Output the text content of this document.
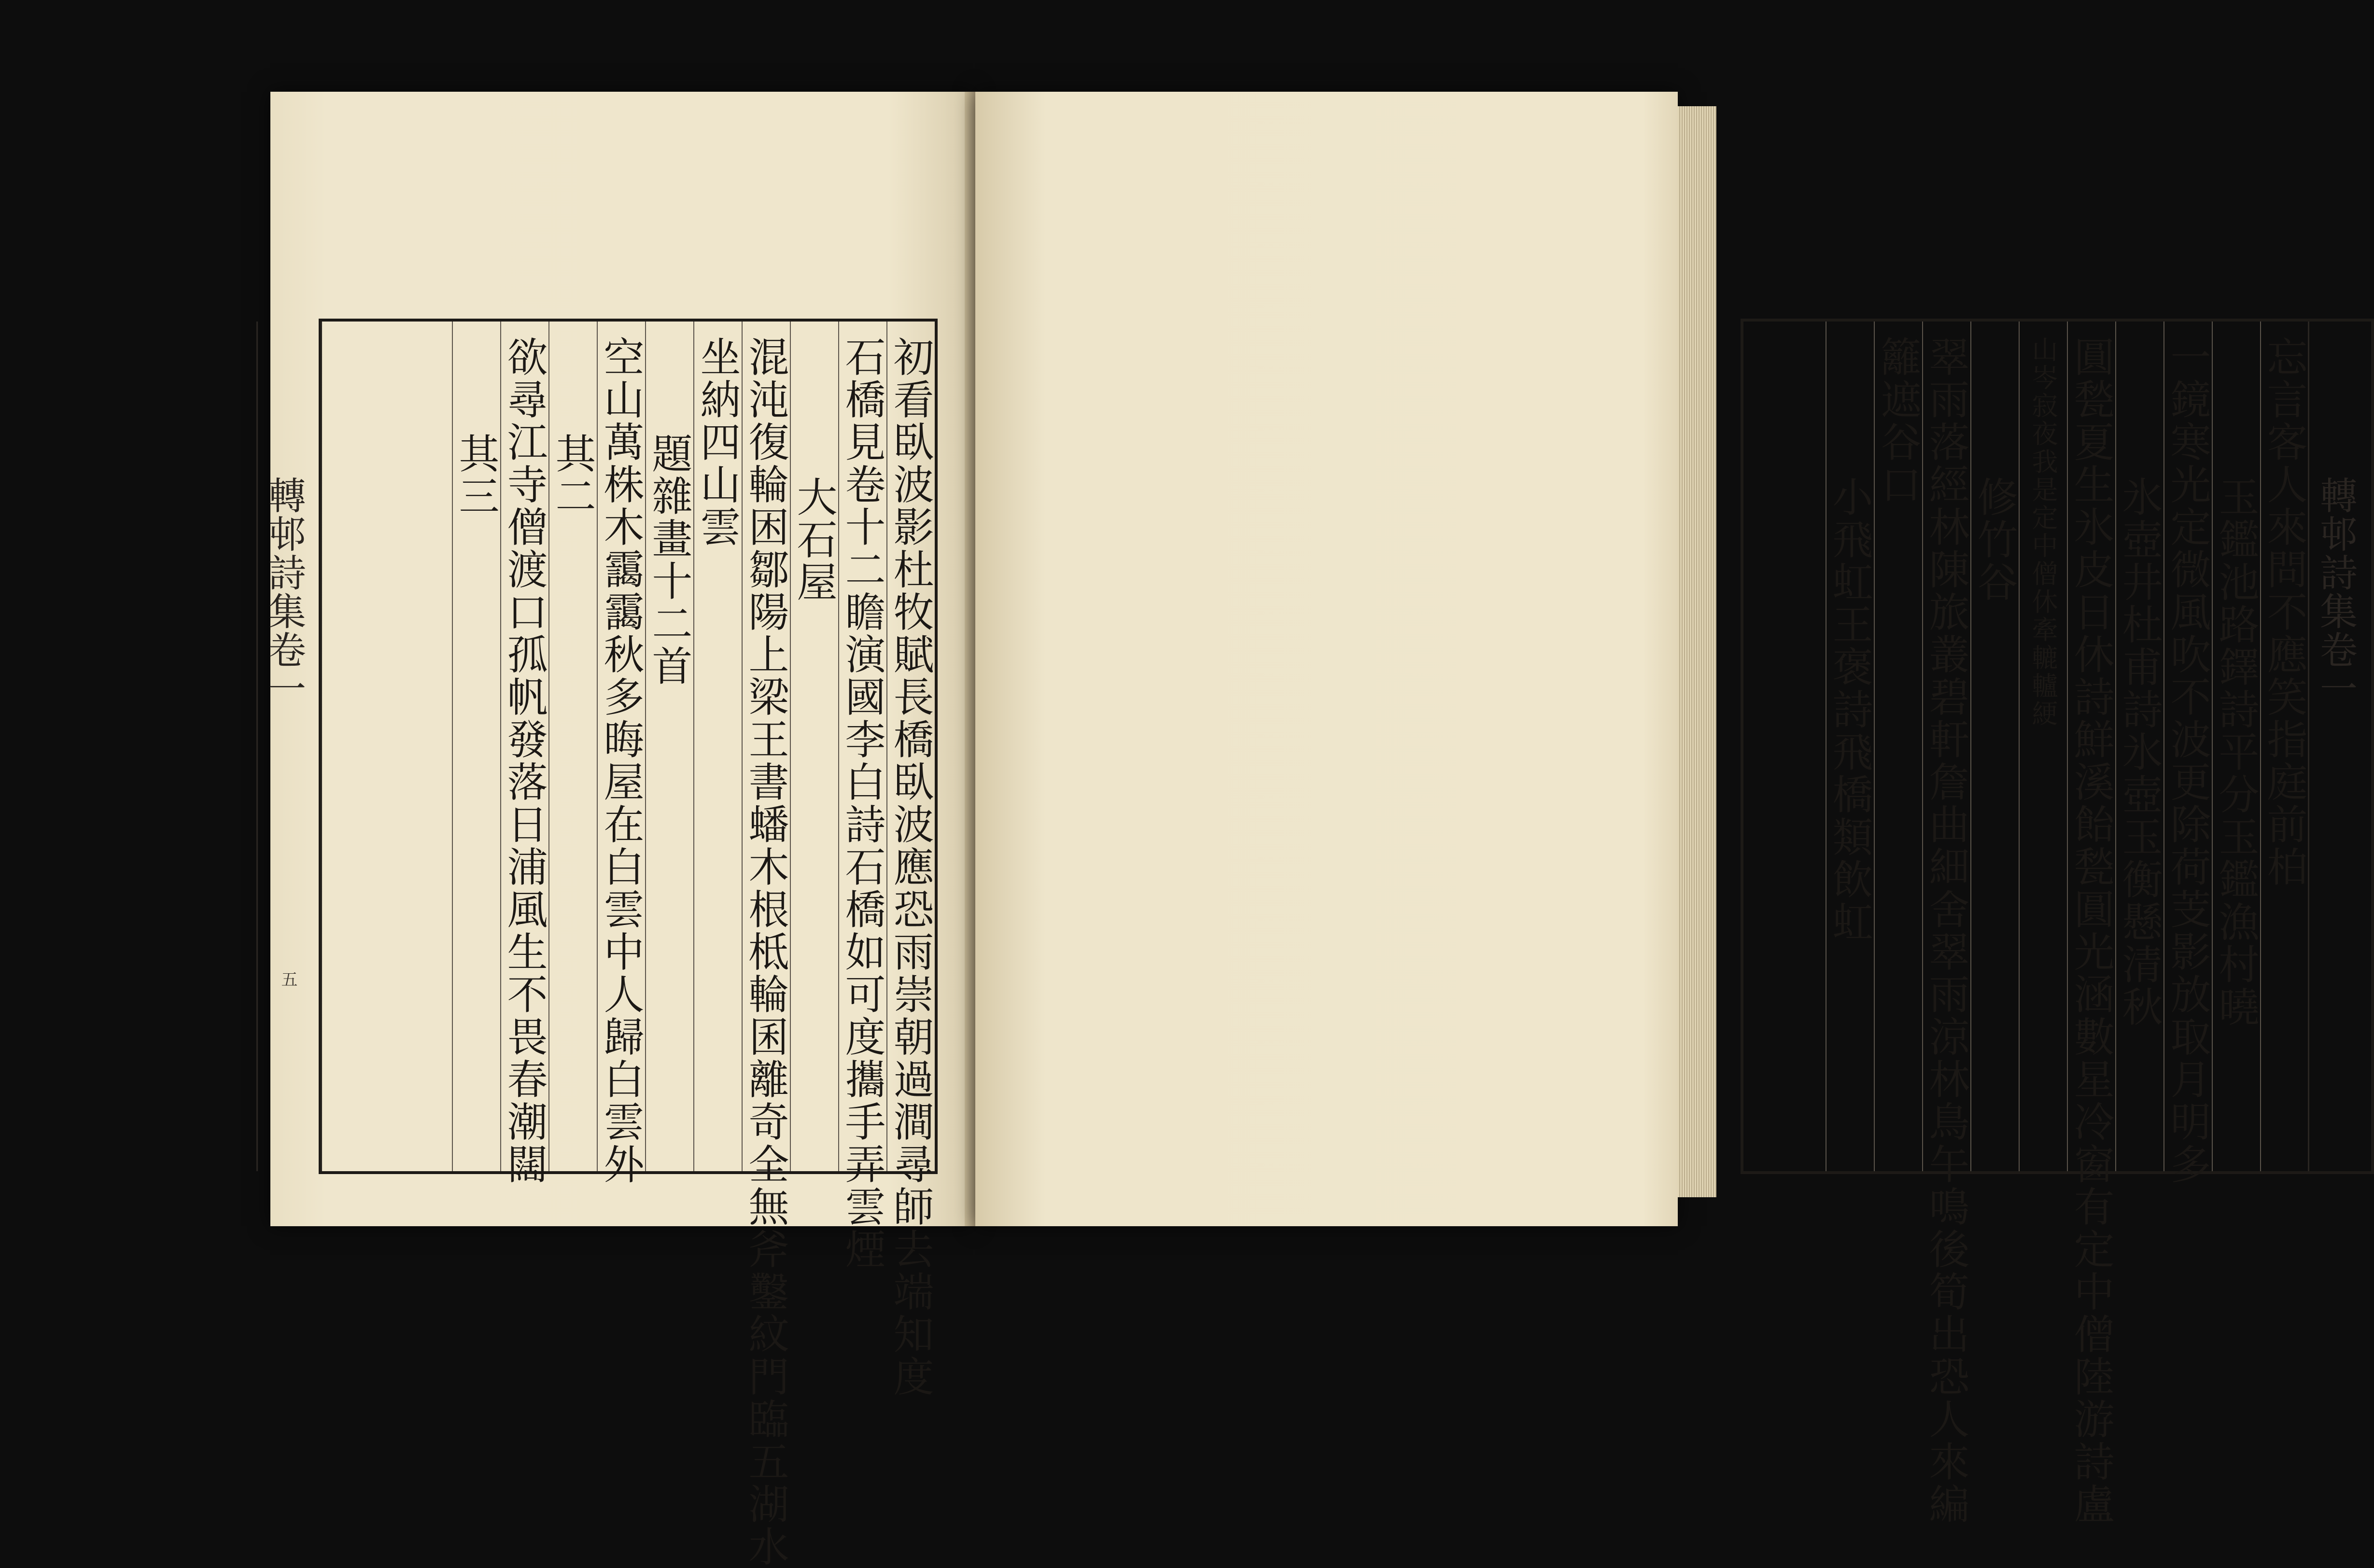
轉邨詩集卷一
五	初看臥波影杜牧賦長橋臥波應恐雨崇朝過澗尋師去端知度
石橋見卷十二瞻演國李白詩石橋如可度攜手弄雲煙
大石屋
混沌復輪困鄒陽上梁王書蟠木根柢輪囷離奇全無斧鑿紋門臨五湖水
坐納四山雲
題雜畫十二首
空山萬株木靄靄秋多晦屋在白雲中人歸白雲外
其二
欲尋江寺僧渡口孤帆發落日浦風生不畏春潮闊
其三	忘言客人來問不應笑指庭前柏
玉鑑池路鐸詩平分玉鑑漁村曉
一鏡寒光定微風吹不波更除荷芰影放取月明多
氷壺井杜甫詩氷壺玉衡懸清秋
圓甃夏生氷皮日休詩鮮溪飴甃圓光涵數星冷窗有定中僧陸游詩盧
山岑寂夜我是定中僧休牽轆轤綆
修竹谷
翠雨落經林陳旅叢碧軒詹曲細舍翠雨涼林鳥午鳴後筍出恐人來編
籬遮谷口
小飛虹王褒詩飛橋類飲虹	轉邨詩集卷一
